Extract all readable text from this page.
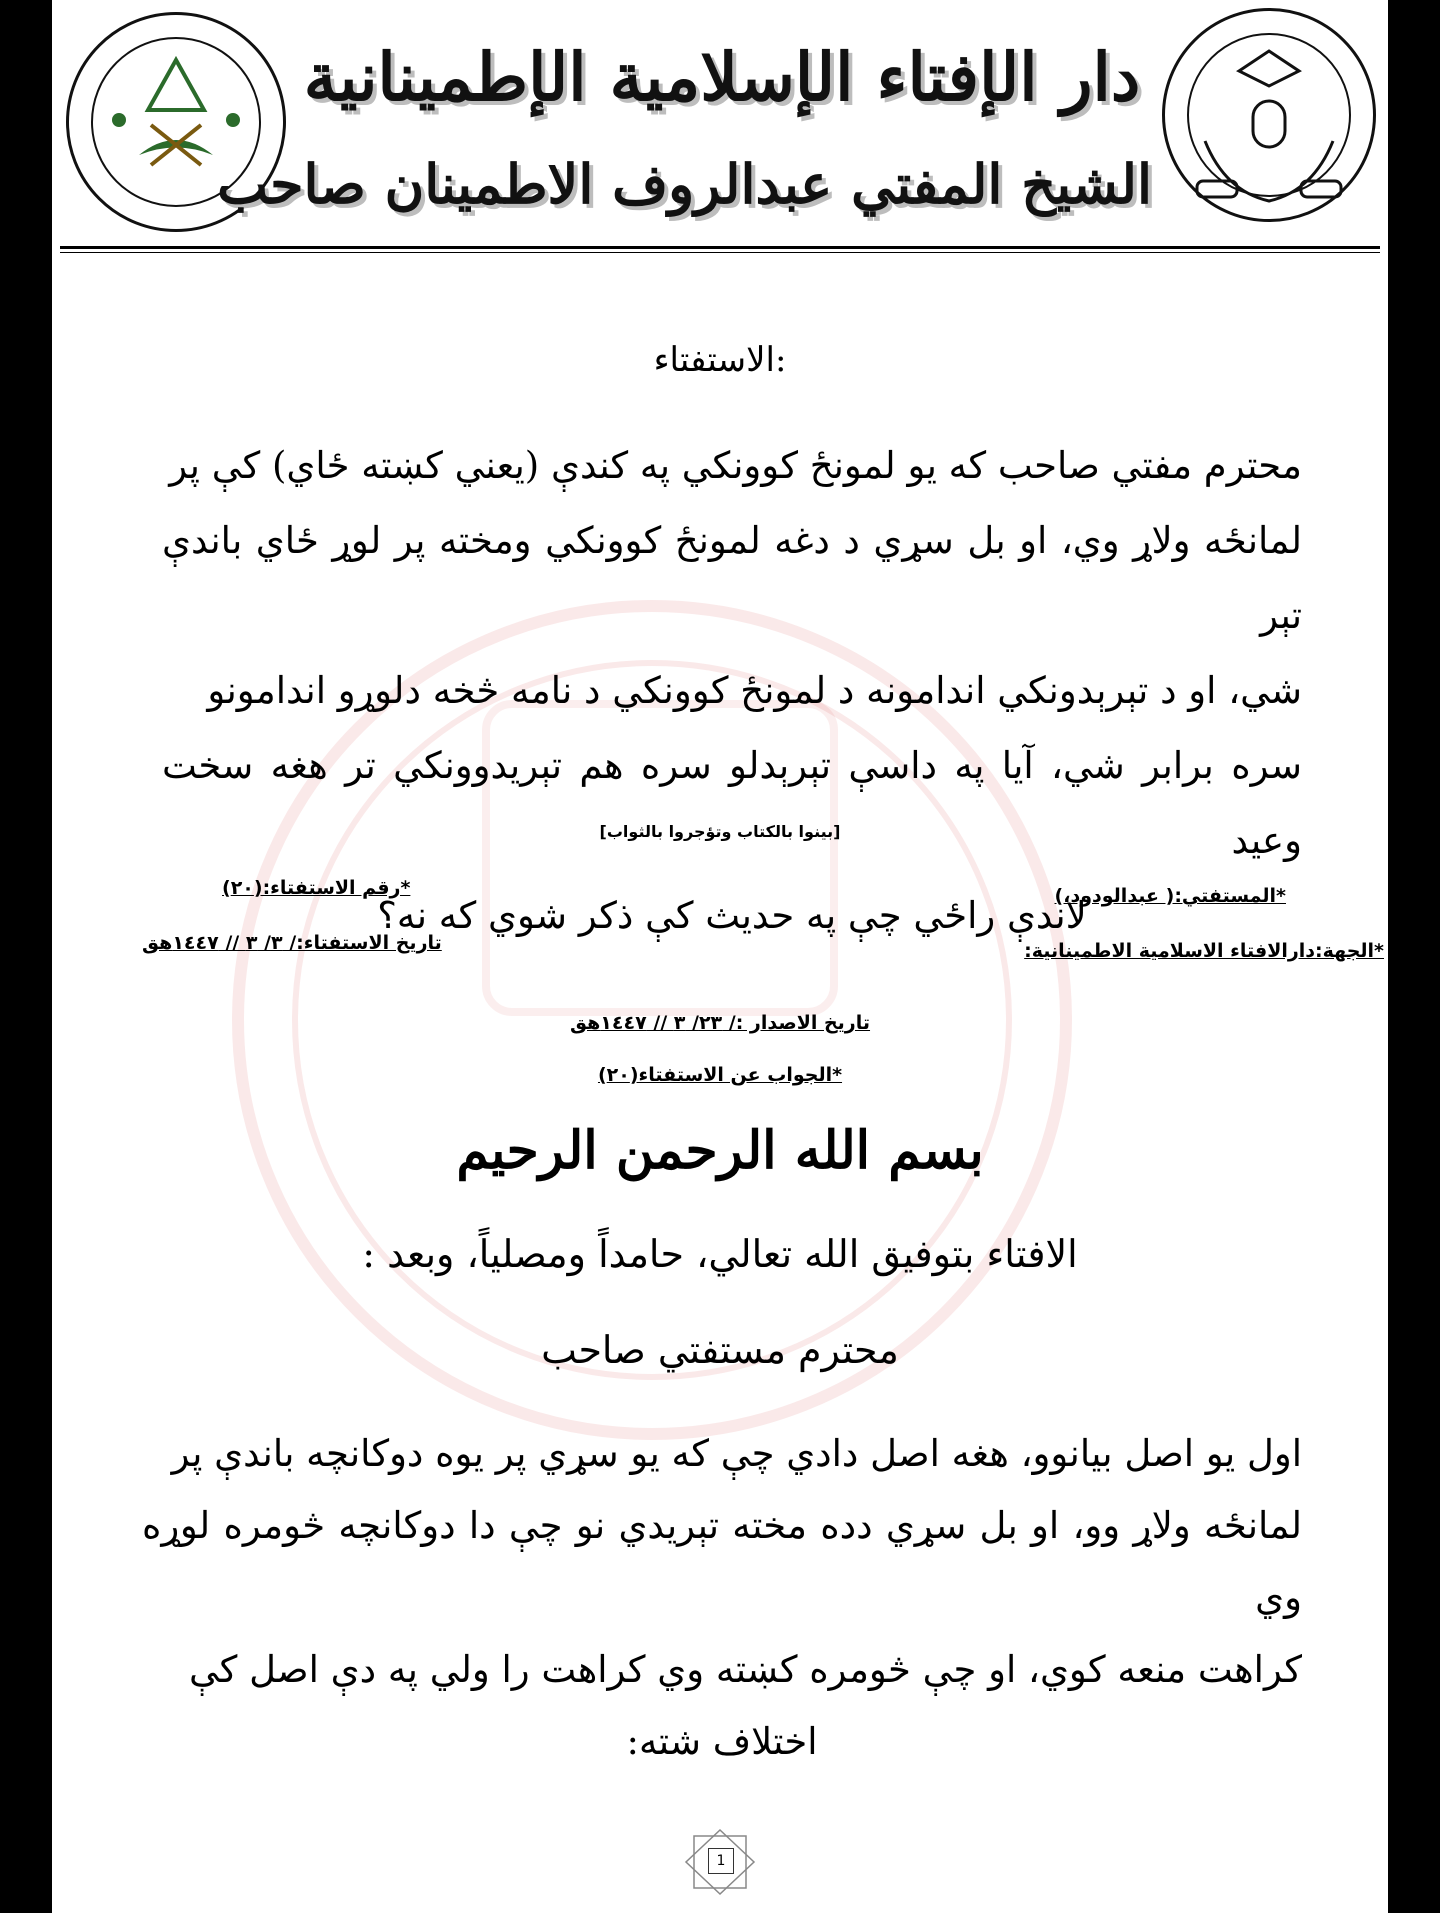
دار الإفتاء الإسلامية الإطمينانية
الشيخ المفتي عبدالروف الاطمينان صاحب
:الاستفتاء
محترم مفتي صاحب كه يو لمونځ كوونكي په كندې (يعني كښته ځاي) كې پر
لمانځه ولاړ وي، او بل سړي د دغه لمونځ كوونكي ومخته پر لوړ ځاي باندې تېر
شي، او د تېرېدونكي اندامونه د لمونځ كوونكي د نامه څخه دلوړو اندامونو
سره برابر شي، آيا په داسې تېرېدلو سره هم تېريدوونكي تر هغه سخت وعيد
لاندې راځي چې په حديث كې ذكر شوي كه نه؟
[بينوا بالكتاب وتؤجروا بالثواب]
*المستفتي:( عبدالودود،)
*رقم الاستفتاء:(٢٠)
*الجهة:دارالافتاء الاسلامية الاطمينانية:
تاريخ الاستفتاء:/ ٣/ ٣ // ١٤٤٧هق
تاريخ الاصدار :/ ٢٣/ ٣ // ١٤٤٧هق
*الجواب عن الاستفتاء(٢٠)
بسم الله الرحمن الرحيم
الافتاء بتوفيق الله تعالي، حامداً ومصلياً، وبعد :
محترم مستفتي صاحب
اول يو اصل بيانوو، هغه اصل دادي چې كه يو سړي پر يوه دوكانچه باندې پر
لمانځه ولاړ وو، او بل سړي دده مخته تېريدي نو چې دا دوكانچه څومره لوړه وي
كراهت منعه كوي، او چې څومره كښته وي كراهت را ولي په دې اصل كې
اختلاف شته:
1
